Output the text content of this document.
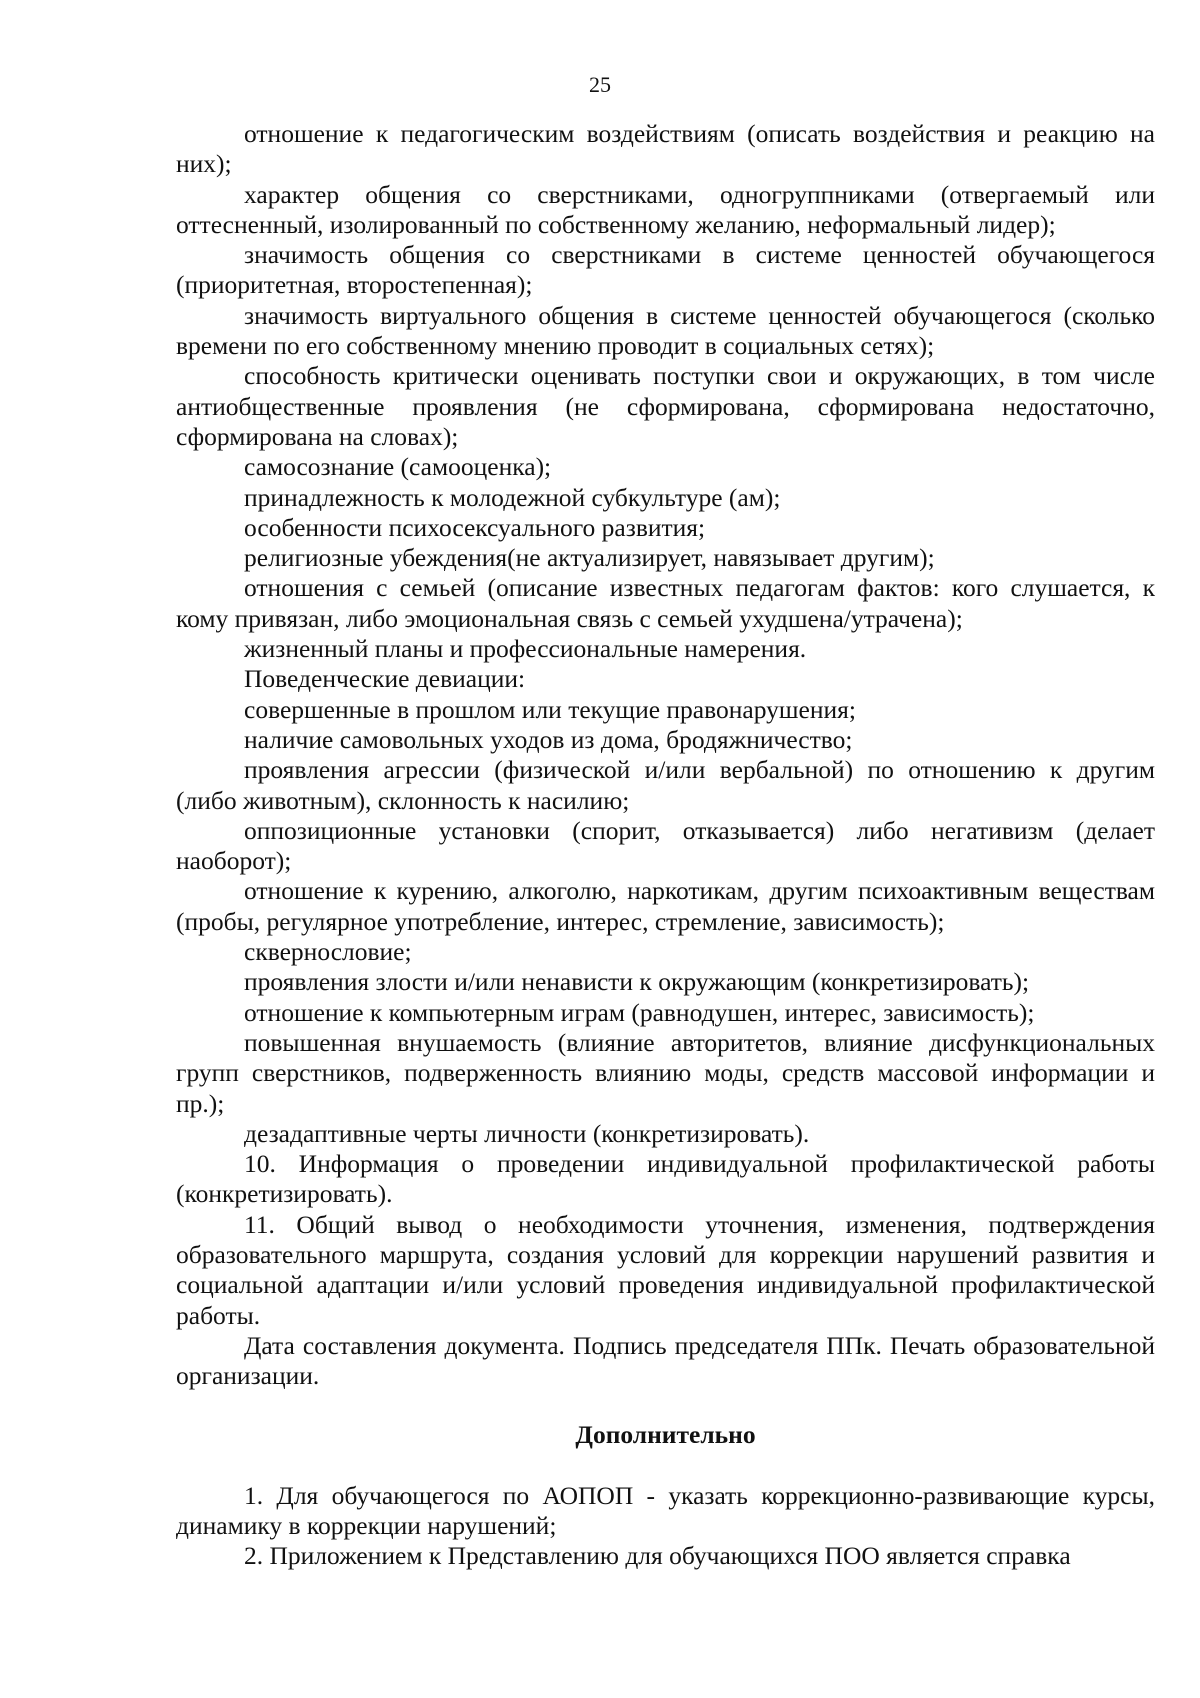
25

отношение к педагогическим воздействиям (описать воздействия и реакцию на них);

характер общения со сверстниками, одногруппниками (отвергаемый или оттесненный, изолированный по собственному желанию, неформальный лидер);

значимость общения со сверстниками в системе ценностей обучающегося (приоритетная, второстепенная);

значимость виртуального общения в системе ценностей обучающегося (сколько времени по его собственному мнению проводит в социальных сетях);

способность критически оценивать поступки свои и окружающих, в том числе антиобщественные проявления (не сформирована, сформирована недостаточно, сформирована на словах);

самосознание (самооценка);

принадлежность к молодежной субкультуре (ам);

особенности психосексуального развития;

религиозные убеждения(не актуализирует, навязывает другим);

отношения с семьей (описание известных педагогам фактов: кого слушается, к кому привязан, либо эмоциональная связь с семьей ухудшена/утрачена);

жизненный планы и профессиональные намерения.

Поведенческие девиации:

совершенные в прошлом или текущие правонарушения;

наличие самовольных уходов из дома, бродяжничество;

проявления агрессии (физической и/или вербальной) по отношению к другим (либо животным), склонность к насилию;

оппозиционные установки (спорит, отказывается) либо негативизм (делает наоборот);

отношение к курению, алкоголю, наркотикам, другим психоактивным веществам (пробы, регулярное употребление, интерес, стремление, зависимость);

сквернословие;

проявления злости и/или ненависти к окружающим (конкретизировать);

отношение к компьютерным играм (равнодушен, интерес, зависимость);

повышенная внушаемость (влияние авторитетов, влияние дисфункциональных групп сверстников, подверженность влиянию моды, средств массовой информации и пр.);

дезадаптивные черты личности (конкретизировать).

10. Информация о проведении индивидуальной профилактической работы (конкретизировать).

11. Общий вывод о необходимости уточнения, изменения, подтверждения образовательного маршрута, создания условий для коррекции нарушений развития и социальной адаптации и/или условий проведения индивидуальной профилактической работы.

Дата составления документа. Подпись председателя ППк. Печать образовательной организации.

Дополнительно

1. Для обучающегося по АОПОП - указать коррекционно-развивающие курсы, динамику в коррекции нарушений;

2. Приложением к Представлению для обучающихся ПОО является справка
